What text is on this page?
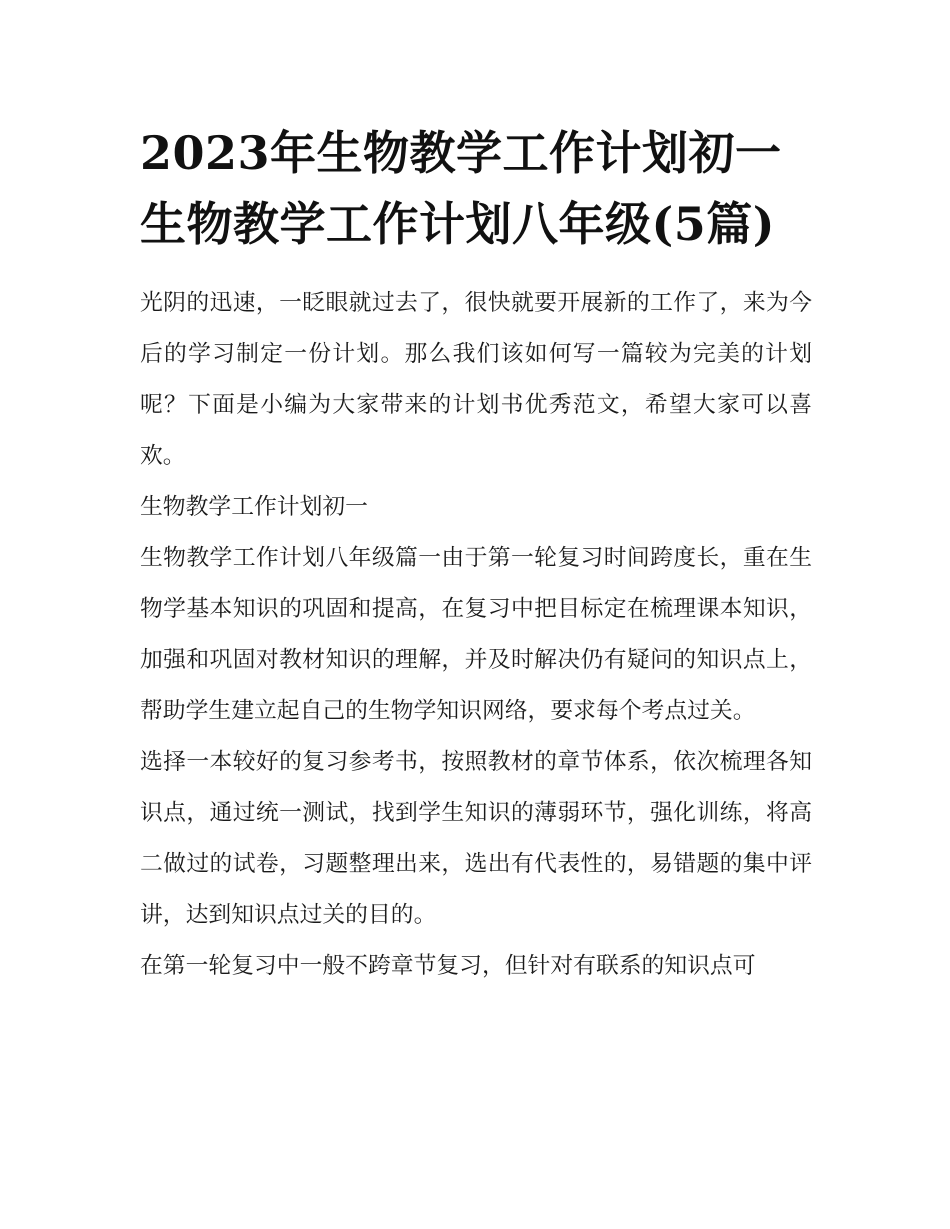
2023年生物教学工作计划初一 生物教学工作计划八年级(5篇)

光阴的迅速，一眨眼就过去了，很快就要开展新的工作了，来为今后的学习制定一份计划。那么我们该如何写一篇较为完美的计划呢？下面是小编为大家带来的计划书优秀范文，希望大家可以喜欢。

生物教学工作计划初一

生物教学工作计划八年级篇一由于第一轮复习时间跨度长，重在生物学基本知识的巩固和提高，在复习中把目标定在梳理课本知识，加强和巩固对教材知识的理解，并及时解决仍有疑问的知识点上，帮助学生建立起自己的生物学知识网络，要求每个考点过关。

选择一本较好的复习参考书，按照教材的章节体系，依次梳理各知识点，通过统一测试，找到学生知识的薄弱环节，强化训练，将高二做过的试卷，习题整理出来，选出有代表性的，易错题的集中评讲，达到知识点过关的目的。

在第一轮复习中一般不跨章节复习，但针对有联系的知识点可
